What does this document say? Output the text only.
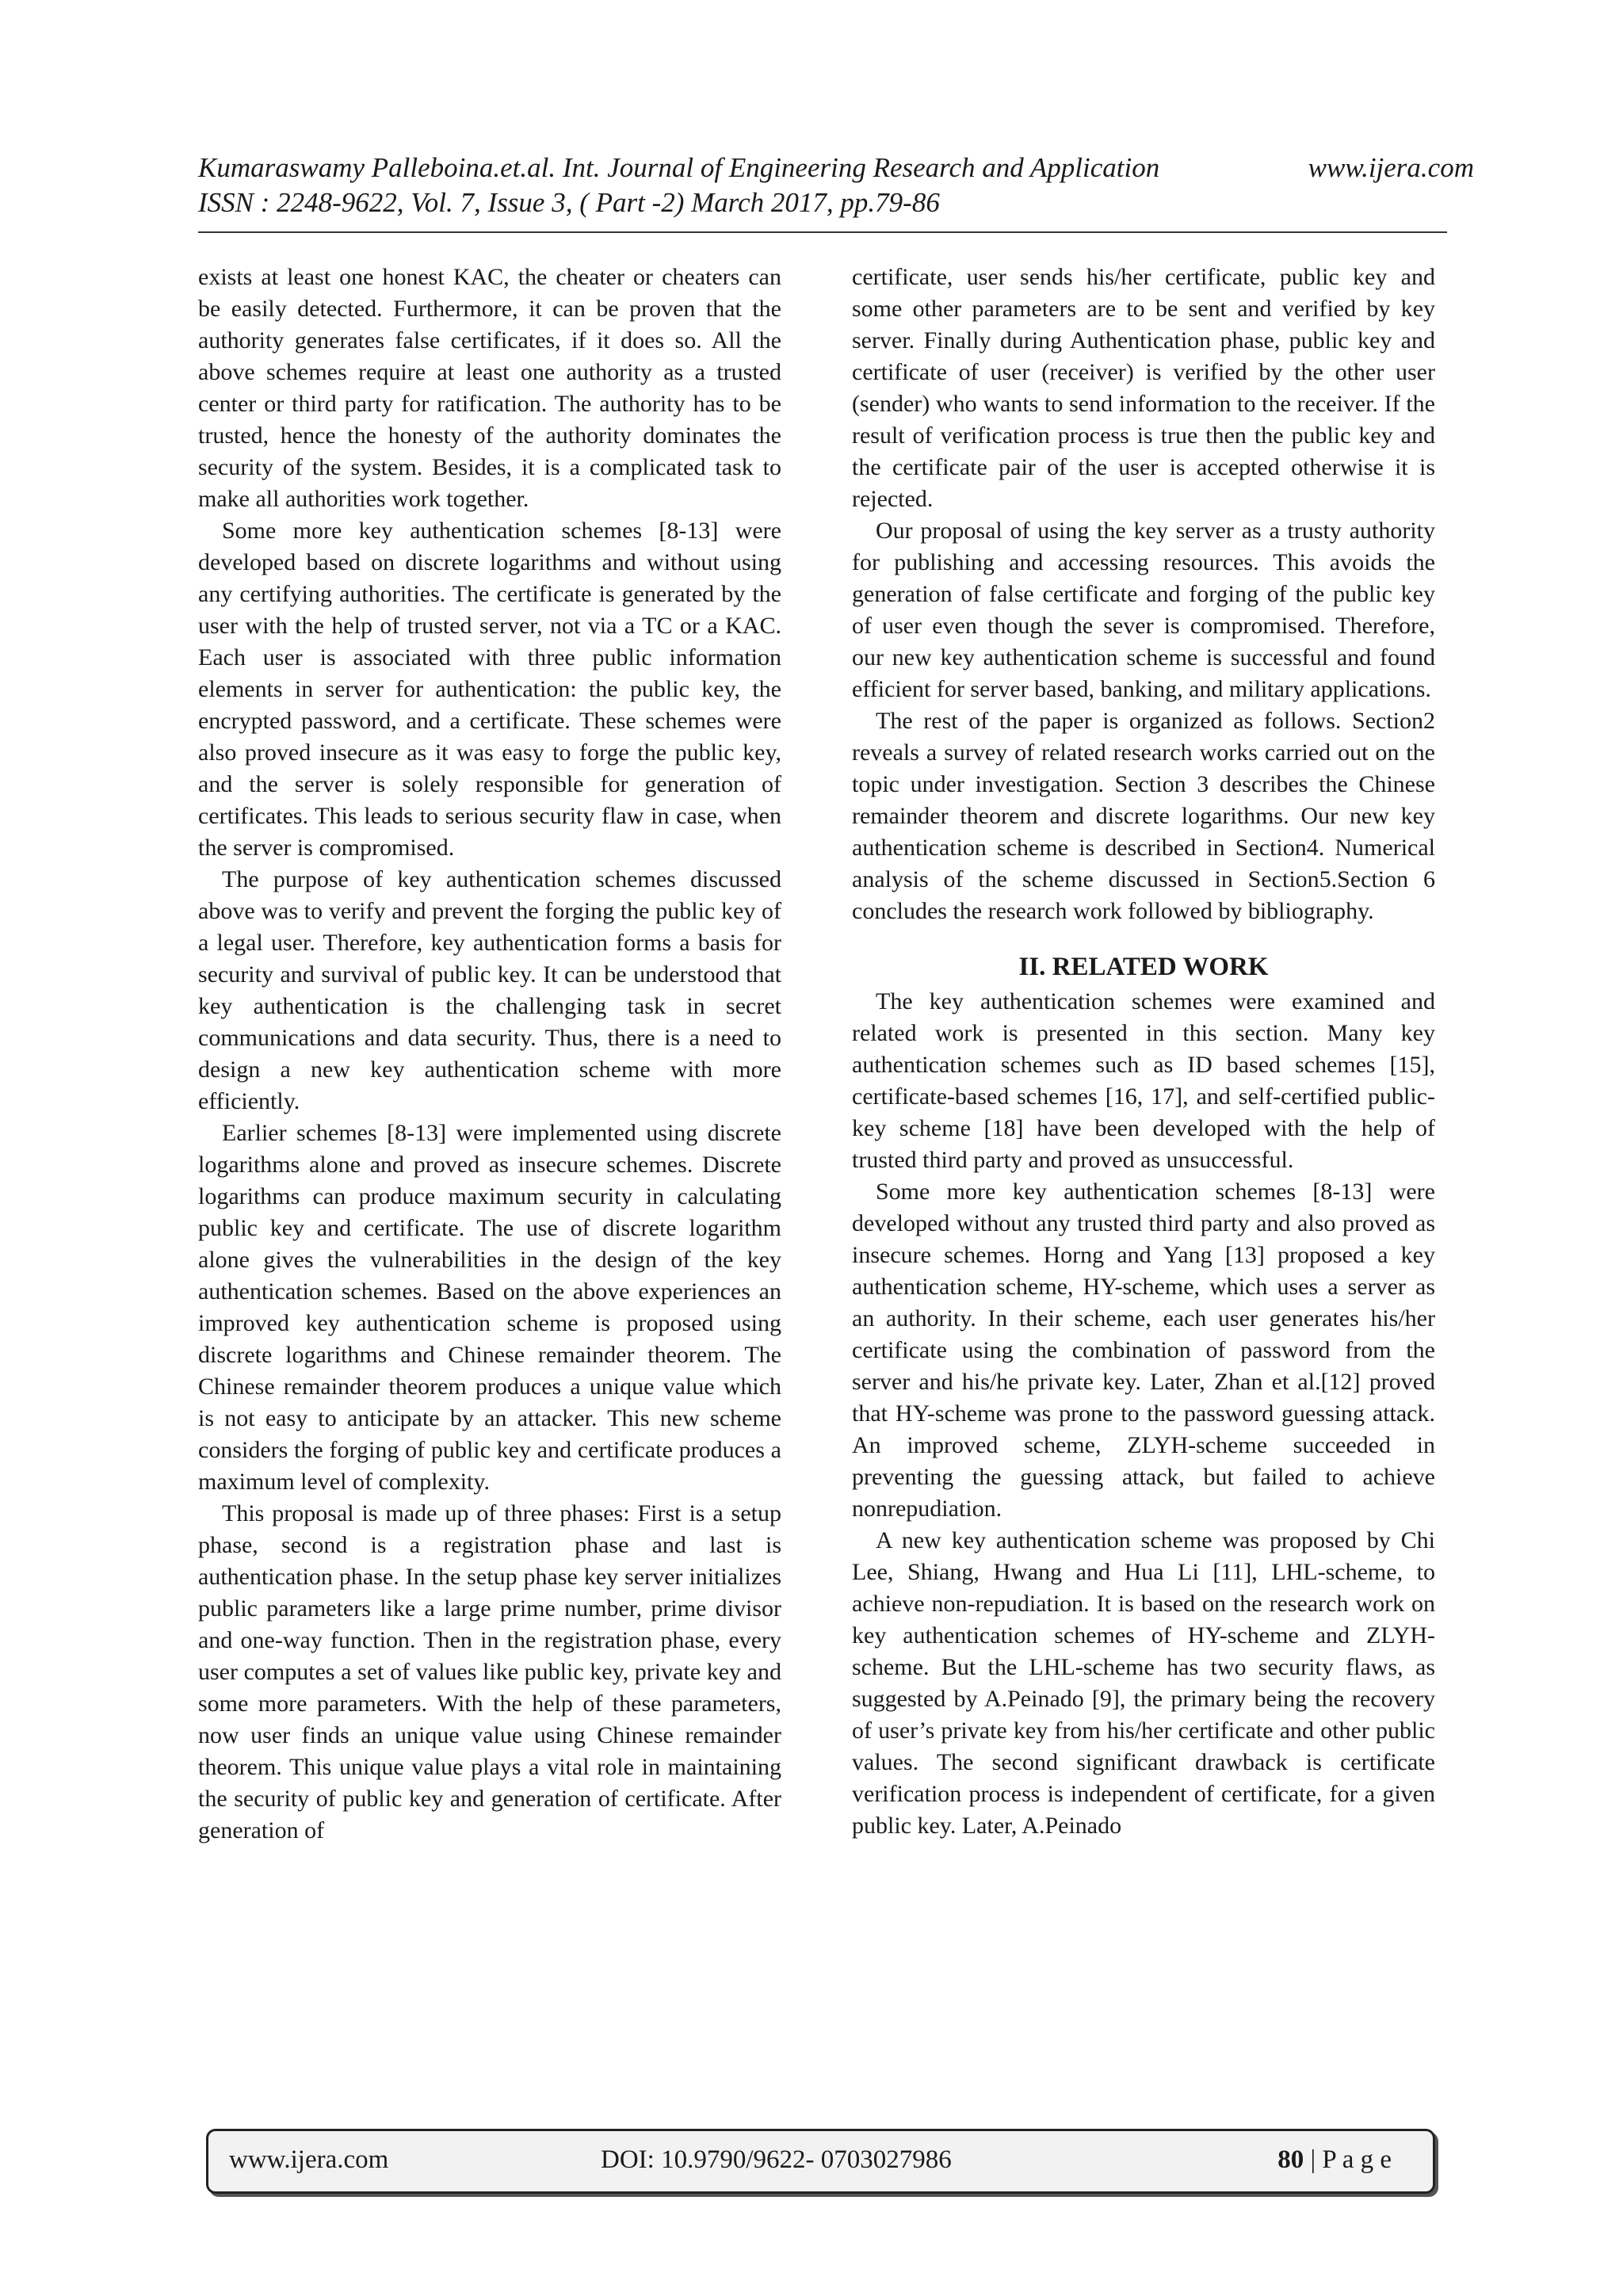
Kumaraswamy Palleboina.et.al. Int. Journal of Engineering Research and Application	www.ijera.com
ISSN : 2248-9622, Vol. 7, Issue 3, ( Part -2) March 2017, pp.79-86

exists at least one honest KAC, the cheater or cheaters can be easily detected. Furthermore, it can be proven that the authority generates false certificates, if it does so. All the above schemes require at least one authority as a trusted center or third party for ratification. The authority has to be trusted, hence the honesty of the authority dominates the security of the system. Besides, it is a complicated task to make all authorities work together.

Some more key authentication schemes [8-13] were developed based on discrete logarithms and without using any certifying authorities. The certificate is generated by the user with the help of trusted server, not via a TC or a KAC. Each user is associated with three public information elements in server for authentication: the public key, the encrypted password, and a certificate. These schemes were also proved insecure as it was easy to forge the public key, and the server is solely responsible for generation of certificates. This leads to serious security flaw in case, when the server is compromised.

The purpose of key authentication schemes discussed above was to verify and prevent the forging the public key of a legal user. Therefore, key authentication forms a basis for security and survival of public key. It can be understood that key authentication is the challenging task in secret communications and data security. Thus, there is a need to design a new key authentication scheme with more efficiently.

Earlier schemes [8-13] were implemented using discrete logarithms alone and proved as insecure schemes. Discrete logarithms can produce maximum security in calculating public key and certificate. The use of discrete logarithm alone gives the vulnerabilities in the design of the key authentication schemes. Based on the above experiences an improved key authentication scheme is proposed using discrete logarithms and Chinese remainder theorem. The Chinese remainder theorem produces a unique value which is not easy to anticipate by an attacker. This new scheme considers the forging of public key and certificate produces a maximum level of complexity.

This proposal is made up of three phases: First is a setup phase, second is a registration phase and last is authentication phase. In the setup phase key server initializes public parameters like a large prime number, prime divisor and one-way function. Then in the registration phase, every user computes a set of values like public key, private key and some more parameters. With the help of these parameters, now user finds an unique value using Chinese remainder theorem. This unique value plays a vital role in maintaining the security of public key and generation of certificate. After generation of

certificate, user sends his/her certificate, public key and some other parameters are to be sent and verified by key server. Finally during Authentication phase, public key and certificate of user (receiver) is verified by the other user (sender) who wants to send information to the receiver. If the result of verification process is true then the public key and the certificate pair of the user is accepted otherwise it is rejected.

Our proposal of using the key server as a trusty authority for publishing and accessing resources. This avoids the generation of false certificate and forging of the public key of user even though the sever is compromised. Therefore, our new key authentication scheme is successful and found efficient for server based, banking, and military applications.

The rest of the paper is organized as follows. Section2 reveals a survey of related research works carried out on the topic under investigation. Section 3 describes the Chinese remainder theorem and discrete logarithms. Our new key authentication scheme is described in Section4. Numerical analysis of the scheme discussed in Section5.Section 6 concludes the research work followed by bibliography.

II. RELATED WORK

The key authentication schemes were examined and related work is presented in this section. Many key authentication schemes such as ID based schemes [15], certificate-based schemes [16, 17], and self-certified public-key scheme [18] have been developed with the help of trusted third party and proved as unsuccessful.

Some more key authentication schemes [8-13] were developed without any trusted third party and also proved as insecure schemes. Horng and Yang [13] proposed a key authentication scheme, HY-scheme, which uses a server as an authority. In their scheme, each user generates his/her certificate using the combination of password from the server and his/he private key. Later, Zhan et al.[12] proved that HY-scheme was prone to the password guessing attack. An improved scheme, ZLYH-scheme succeeded in preventing the guessing attack, but failed to achieve nonrepudiation.

A new key authentication scheme was proposed by Chi Lee, Shiang, Hwang and Hua Li [11], LHL-scheme, to achieve non-repudiation. It is based on the research work on key authentication schemes of HY-scheme and ZLYH-scheme. But the LHL-scheme has two security flaws, as suggested by A.Peinado [9], the primary being the recovery of user’s private key from his/her certificate and other public values. The second significant drawback is certificate verification process is independent of certificate, for a given public key. Later, A.Peinado

www.ijera.com	DOI: 10.9790/9622- 0703027986	80 | P a g e
